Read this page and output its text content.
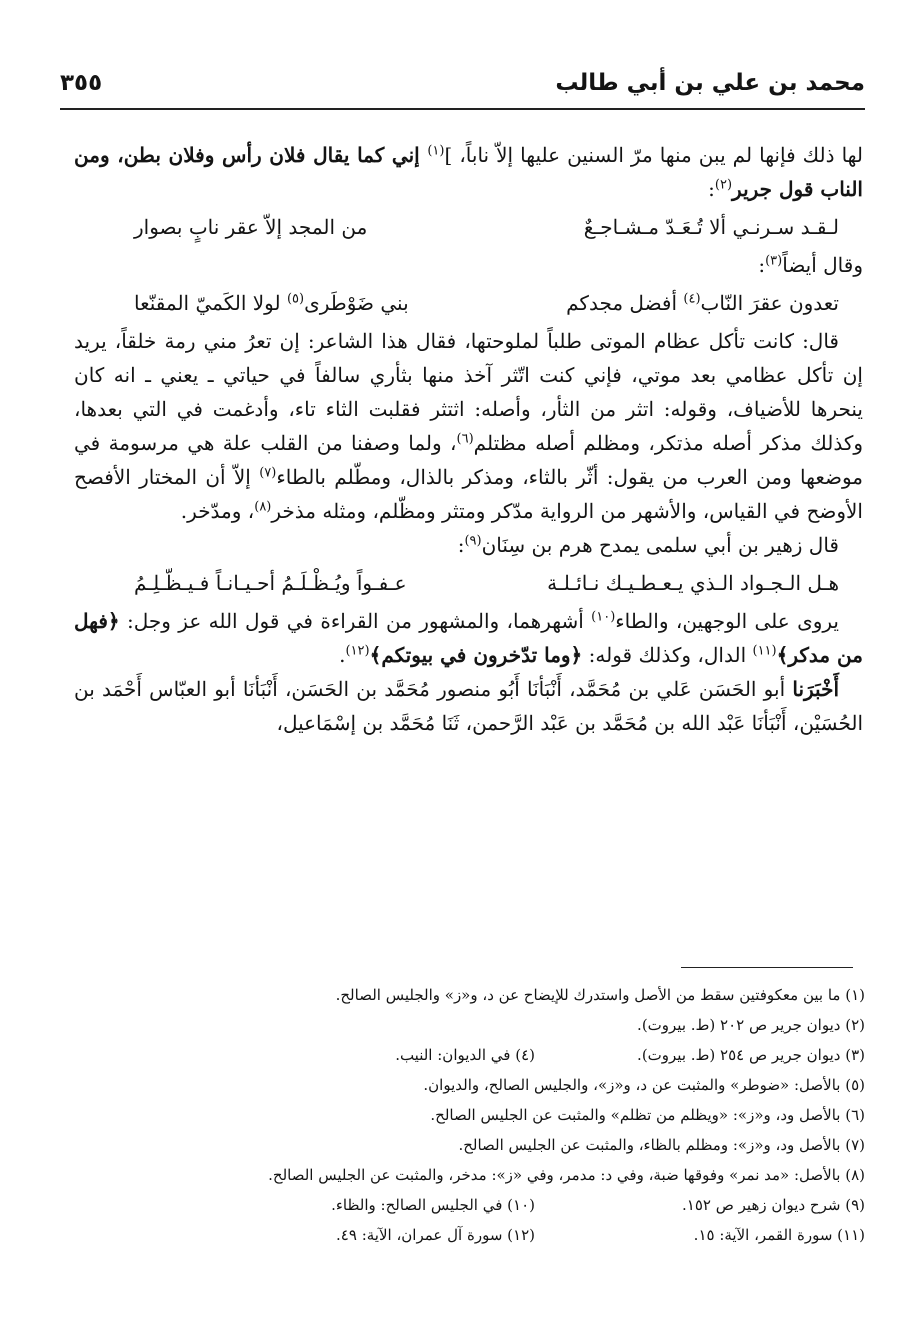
محمد بن علي بن أبي طالب
٣٥٥

لها ذلك فإنها لم يبن منها مرّ السنين عليها إلاّ ناباً، ]$^{(١)}$ إني كما يقال فلان رأس وفلان بطن، ومن الناب قول جرير$^{(٢)}$:

لـقـد سـرنـي ألا تُـعَـدّ مـشـاجـعٌ
من المجد إلاّ عقر نابٍ بصوار

وقال أيضاً$^{(٣)}$:

تعدون عقرَ النّاب$^{(٤)}$ أفضل مجدكم
بني ضَوْطَرى$^{(٥)}$ لولا الكَميّ المقنّعا

قال: كانت تأكل عظام الموتى طلباً لملوحتها، فقال هذا الشاعر: إن تعرُ مني رمة خلقاً، يريد إن تأكل عظامي بعد موتي، فإني كنت اتّثر آخذ منها بثأري سالفاً في حياتي ـ يعني ـ انه كان ينحرها للأضياف، وقوله: اتثر من الثأر، وأصله: اثتثر فقلبت الثاء تاء، وأدغمت في التي بعدها، وكذلك مذكر أصله مذتكر، ومظلم أصله مظتلم$^{(٦)}$، ولما وصفنا من القلب علة هي مرسومة في موضعها ومن العرب من يقول: أثّر بالثاء، ومذكر بالذال، ومطّلم بالطاء$^{(٧)}$ إلاّ أن المختار الأفصح الأوضح في القياس، والأشهر من الرواية مدّكر ومتثر ومظّلم، ومثله مذخر$^{(٨)}$، ومدّخر.

قال زهير بن أبي سلمى يمدح هرم بن سِنَان$^{(٩)}$:

هـل الـجـواد الـذي يـعـطـيـك نـائـلـة
عـفـواً ويُـظْـلَـمُ أحـيـانـاً فـيـظّـلِـمُ

يروى على الوجهين، والطاء$^{(١٠)}$ أشهرهما، والمشهور من القراءة في قول الله عز وجل: ﴿فهل من مدكر﴾$^{(١١)}$ الدال، وكذلك قوله: ﴿وما تدّخرون في بيوتكم﴾$^{(١٢)}$.

أَخْبَرَنا أبو الحَسَن عَلي بن مُحَمَّد، أَنْبَأنَا أَبُو منصور مُحَمَّد بن الحَسَن، أَنْبَأنَا أبو العبّاس أَحْمَد بن الحُسَيْن، أَنْبَأنَا عَبْد الله بن مُحَمَّد بن عَبْد الرَّحمن، ثَنَا مُحَمَّد بن إسْمَاعيل،

(١) ما بين معكوفتين سقط من الأصل واستدرك للإيضاح عن د، و«ز» والجليس الصالح.
(٢) ديوان جرير ص ٢٠٢ (ط. بيروت).
(٣) ديوان جرير ص ٢٥٤ (ط. بيروت).
(٤) في الديوان: النيب.
(٥) بالأصل: «ضوطر» والمثبت عن د، و«ز»، والجليس الصالح، والديوان.
(٦) بالأصل ود، و«ز»: «ويظلم من تظلم» والمثبت عن الجليس الصالح.
(٧) بالأصل ود، و«ز»: ومظلم بالظاء، والمثبت عن الجليس الصالح.
(٨) بالأصل: «مد نمر» وفوقها ضبة، وفي د: مدمر، وفي «ز»: مدخر، والمثبت عن الجليس الصالح.
(٩) شرح ديوان زهير ص ١٥٢.
(١٠) في الجليس الصالح: والظاء.
(١١) سورة القمر، الآية: ١٥.
(١٢) سورة آل عمران، الآية: ٤٩.
